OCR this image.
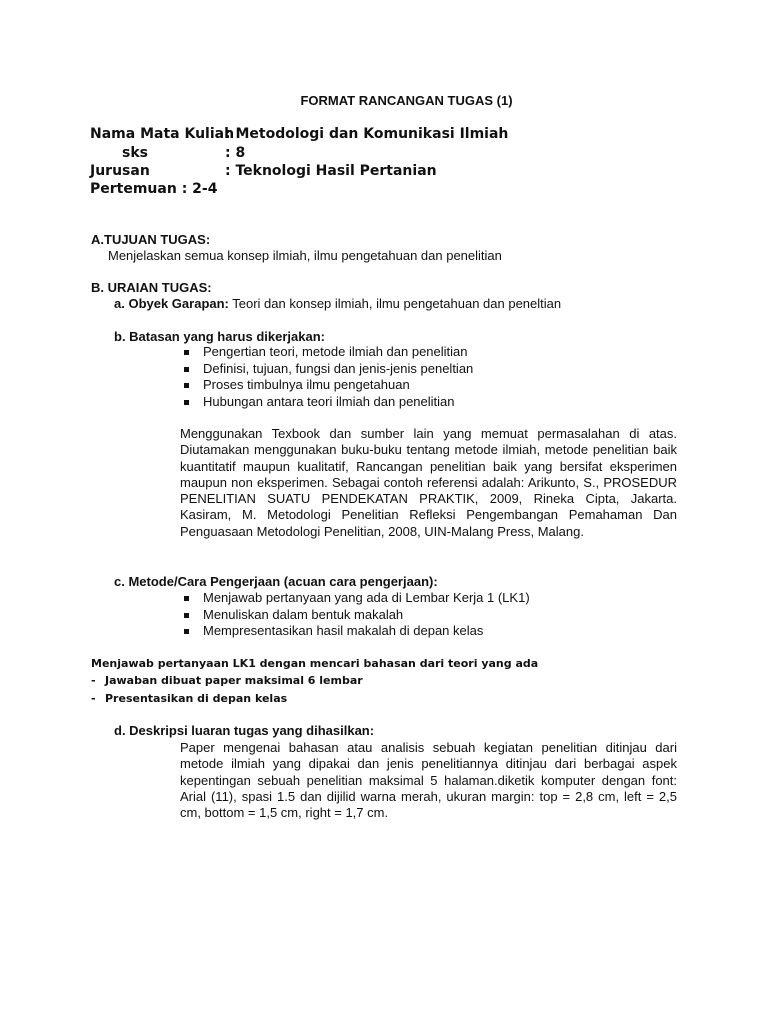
FORMAT RANCANGAN TUGAS (1)
Nama Mata Kuliah
: Metodologi dan Komunikasi Ilmiah
sks	: 8
Jurusan	: Teknologi Hasil Pertanian
Pertemuan : 2-4
A.TUJUAN TUGAS:
Menjelaskan semua konsep ilmiah, ilmu pengetahuan dan penelitian
B. URAIAN TUGAS:
a. Obyek Garapan: Teori dan konsep ilmiah, ilmu pengetahuan dan peneltian
b. Batasan yang harus dikerjakan:
Pengertian teori, metode ilmiah dan penelitian
Definisi, tujuan, fungsi dan jenis-jenis peneltian
Proses timbulnya ilmu pengetahuan
Hubungan antara teori ilmiah dan penelitian
Menggunakan Texbook dan sumber lain yang memuat permasalahan di atas. Diutamakan menggunakan buku-buku tentang metode ilmiah, metode penelitian baik kuantitatif maupun kualitatif, Rancangan penelitian baik yang bersifat eksperimen maupun non eksperimen. Sebagai contoh referensi adalah: Arikunto, S., PROSEDUR PENELITIAN SUATU PENDEKATAN PRAKTIK, 2009, Rineka Cipta, Jakarta. Kasiram, M. Metodologi Penelitian Refleksi Pengembangan Pemahaman Dan Penguasaan Metodologi Penelitian, 2008, UIN-Malang Press, Malang.
c. Metode/Cara Pengerjaan (acuan cara pengerjaan):
Menjawab pertanyaan yang ada di Lembar Kerja 1 (LK1)
Menuliskan dalam bentuk makalah
Mempresentasikan hasil makalah di depan kelas
Menjawab pertanyaan LK1 dengan mencari bahasan dari teori yang ada
- Jawaban dibuat paper maksimal 6 lembar
- Presentasikan di depan kelas
d. Deskripsi luaran tugas yang dihasilkan:
Paper mengenai bahasan atau analisis sebuah kegiatan penelitian ditinjau dari metode ilmiah yang dipakai dan jenis penelitiannya ditinjau dari berbagai aspek kepentingan sebuah penelitian maksimal 5 halaman.diketik komputer dengan font: Arial (11), spasi 1.5 dan dijilid warna merah, ukuran margin: top = 2,8 cm, left = 2,5 cm, bottom = 1,5 cm, right = 1,7 cm.
